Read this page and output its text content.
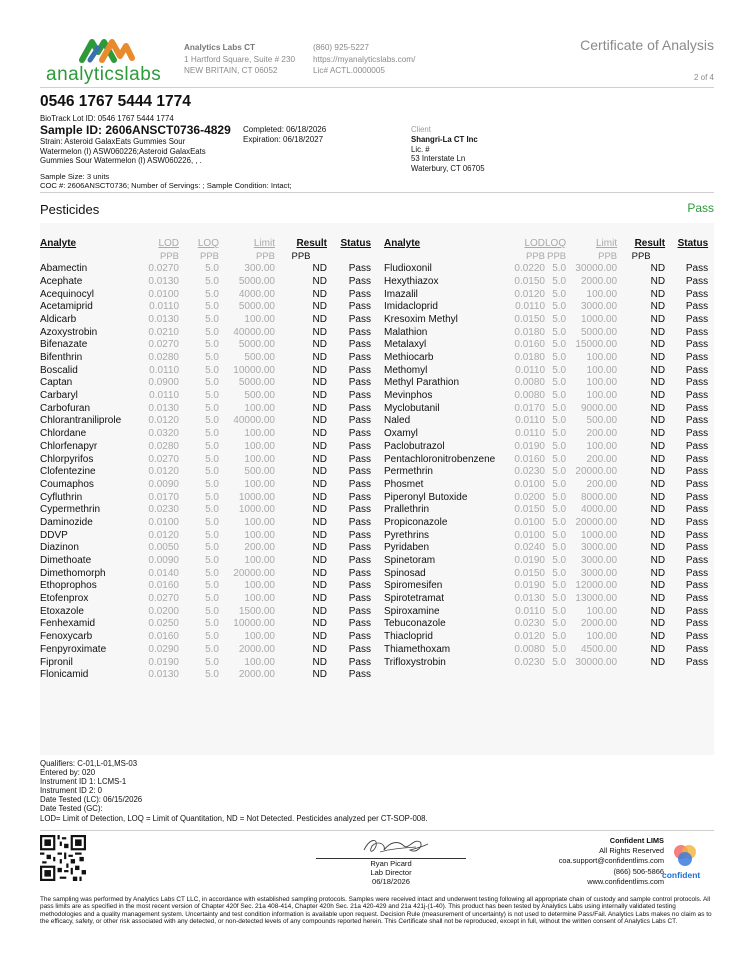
analyticslabs
Analytics Labs CT
1 Hartford Square, Suite # 230
NEW BRITAIN, CT 06052
(860) 925-5227
https://myanalyticslabs.com/
Lic# ACTL.0000005
Certificate of Analysis
2 of 4
0546 1767 5444 1774
BioTrack Lot ID: 0546 1767 5444 1774
Sample ID: 2606ANSCT0736-4829 Completed: 06/18/2026
Expiration: 06/18/2027
Strain: Asteroid GalaxEats Gummies Sour
Watermelon (I) ASW060226;Asteroid GalaxEats
Gummies Sour Watermelon (I) ASW060226, , .
Client
Shangri-La CT Inc
Lic. #
53 Interstate Ln
Waterbury, CT 06705
Sample Size: 3 units
COC #: 2606ANSCT0736; Number of Servings: ; Sample Condition: Intact;
Pesticides	Pass
Analyte	LOD	LOQ	Limit	Result	Status
	PPB	PPB	PPB	PPB	
Abamectin	0.0270	5.0	300.00	ND	Pass
Acephate	0.0130	5.0	5000.00	ND	Pass
Acequinocyl	0.0100	5.0	4000.00	ND	Pass
Acetamiprid	0.0110	5.0	5000.00	ND	Pass
Aldicarb	0.0130	5.0	100.00	ND	Pass
Azoxystrobin	0.0210	5.0	40000.00	ND	Pass
Bifenazate	0.0270	5.0	5000.00	ND	Pass
Bifenthrin	0.0280	5.0	500.00	ND	Pass
Boscalid	0.0110	5.0	10000.00	ND	Pass
Captan	0.0900	5.0	5000.00	ND	Pass
Carbaryl	0.0110	5.0	500.00	ND	Pass
Carbofuran	0.0130	5.0	100.00	ND	Pass
Chlorantraniliprole	0.0120	5.0	40000.00	ND	Pass
Chlordane	0.0320	5.0	100.00	ND	Pass
Chlorfenapyr	0.0280	5.0	100.00	ND	Pass
Chlorpyrifos	0.0270	5.0	100.00	ND	Pass
Clofentezine	0.0120	5.0	500.00	ND	Pass
Coumaphos	0.0090	5.0	100.00	ND	Pass
Cyfluthrin	0.0170	5.0	1000.00	ND	Pass
Cypermethrin	0.0230	5.0	1000.00	ND	Pass
Daminozide	0.0100	5.0	100.00	ND	Pass
DDVP	0.0120	5.0	100.00	ND	Pass
Diazinon	0.0050	5.0	200.00	ND	Pass
Dimethoate	0.0090	5.0	100.00	ND	Pass
Dimethomorph	0.0140	5.0	20000.00	ND	Pass
Ethoprophos	0.0160	5.0	100.00	ND	Pass
Etofenprox	0.0270	5.0	100.00	ND	Pass
Etoxazole	0.0200	5.0	1500.00	ND	Pass
Fenhexamid	0.0250	5.0	10000.00	ND	Pass
Fenoxycarb	0.0160	5.0	100.00	ND	Pass
Fenpyroximate	0.0290	5.0	2000.00	ND	Pass
Fipronil	0.0190	5.0	100.00	ND	Pass
Flonicamid	0.0130	5.0	2000.00	ND	Pass
Analyte	LOD	LOQ	Limit	Result	Status
	PPB	PPB	PPB	PPB	
Fludioxonil	0.0220	5.0	30000.00	ND	Pass
Hexythiazox	0.0150	5.0	2000.00	ND	Pass
Imazalil	0.0120	5.0	100.00	ND	Pass
Imidacloprid	0.0110	5.0	3000.00	ND	Pass
Kresoxim Methyl	0.0150	5.0	1000.00	ND	Pass
Malathion	0.0180	5.0	5000.00	ND	Pass
Metalaxyl	0.0160	5.0	15000.00	ND	Pass
Methiocarb	0.0180	5.0	100.00	ND	Pass
Methomyl	0.0110	5.0	100.00	ND	Pass
Methyl Parathion	0.0080	5.0	100.00	ND	Pass
Mevinphos	0.0080	5.0	100.00	ND	Pass
Myclobutanil	0.0170	5.0	9000.00	ND	Pass
Naled	0.0110	5.0	500.00	ND	Pass
Oxamyl	0.0110	5.0	200.00	ND	Pass
Paclobutrazol	0.0190	5.0	100.00	ND	Pass
Pentachloronitrobenzene	0.0160	5.0	200.00	ND	Pass
Permethrin	0.0230	5.0	20000.00	ND	Pass
Phosmet	0.0100	5.0	200.00	ND	Pass
Piperonyl Butoxide	0.0200	5.0	8000.00	ND	Pass
Prallethrin	0.0150	5.0	4000.00	ND	Pass
Propiconazole	0.0100	5.0	20000.00	ND	Pass
Pyrethrins	0.0100	5.0	1000.00	ND	Pass
Pyridaben	0.0240	5.0	3000.00	ND	Pass
Spinetoram	0.0190	5.0	3000.00	ND	Pass
Spinosad	0.0150	5.0	3000.00	ND	Pass
Spiromesifen	0.0190	5.0	12000.00	ND	Pass
Spirotetramat	0.0130	5.0	13000.00	ND	Pass
Spiroxamine	0.0110	5.0	100.00	ND	Pass
Tebuconazole	0.0230	5.0	2000.00	ND	Pass
Thiacloprid	0.0120	5.0	100.00	ND	Pass
Thiamethoxam	0.0080	5.0	4500.00	ND	Pass
Trifloxystrobin	0.0230	5.0	30000.00	ND	Pass
Qualifiers: C-01,L-01,MS-03
Entered by: 020
Instrument ID 1: LCMS-1
Instrument ID 2: 0
Date Tested (LC): 06/15/2026
Date Tested (GC):
LOD= Limit of Detection, LOQ = Limit of Quantitation, ND = Not Detected. Pesticides analyzed per CT-SOP-008.
Ryan Picard
Lab Director
06/18/2026
Confident LIMS
All Rights Reserved
coa.support@confidentlims.com
(866) 506-5866
www.confidentlims.com
confident
The sampling was performed by Analytics Labs CT LLC, in accordance with established sampling protocols. Samples were received intact and underwent testing following all appropriate chain of custody and sample control protocols. All pass limits are as specified in the most recent version of Chapter 420f Sec. 21a 408-414, Chapter 420h Sec. 21a 420-429 and 21a 421j-(1-40). This product has been tested by Analytics Labs using internally validated testing methodologies and a quality management system. Uncertainty and test condition information is available upon request. Decision Rule (measurement of uncertainty) is not used to determine Pass/Fail. Analytics Labs makes no claim as to the efficacy, safety, or other risk associated with any detected, or non-detected levels of any compounds reported herein. This Certificate shall not be reproduced, except in full, without the written consent of Analytics Labs CT.
